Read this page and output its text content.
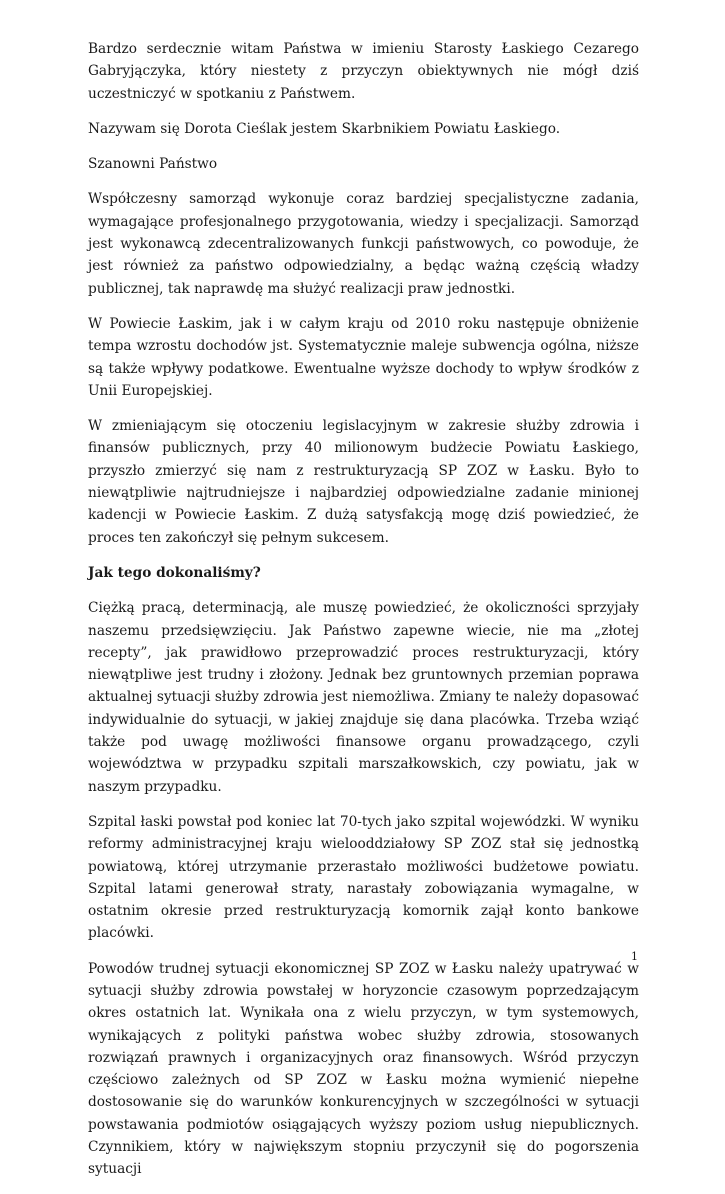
Bardzo serdecznie witam Państwa w imieniu Starosty Łaskiego Cezarego Gabryjączyka, który niestety z przyczyn obiektywnych nie mógł dziś uczestniczyć w spotkaniu z Państwem.

Nazywam się Dorota Cieślak jestem Skarbnikiem Powiatu Łaskiego.

Szanowni Państwo

Współczesny samorząd wykonuje coraz bardziej specjalistyczne zadania, wymagające profesjonalnego przygotowania, wiedzy i specjalizacji. Samorząd jest wykonawcą zdecentralizowanych funkcji państwowych, co powoduje, że jest również za państwo odpowiedzialny, a będąc ważną częścią władzy publicznej, tak naprawdę ma służyć realizacji praw jednostki.

W Powiecie Łaskim, jak i w całym kraju od 2010 roku następuje obniżenie tempa wzrostu dochodów jst. Systematycznie maleje subwencja ogólna, niższe są także wpływy podatkowe. Ewentualne wyższe dochody to wpływ środków z Unii Europejskiej.

W zmieniającym się otoczeniu legislacyjnym w zakresie służby zdrowia i finansów publicznych, przy 40 milionowym budżecie Powiatu Łaskiego, przyszło zmierzyć się nam z restrukturyzacją SP ZOZ w Łasku. Było to niewątpliwie najtrudniejsze i najbardziej odpowiedzialne zadanie minionej kadencji w Powiecie Łaskim. Z dużą satysfakcją mogę dziś powiedzieć, że proces ten zakończył się pełnym sukcesem.

Jak tego dokonaliśmy?

Ciężką pracą, determinacją, ale muszę powiedzieć, że okoliczności sprzyjały naszemu przedsięwzięciu. Jak Państwo zapewne wiecie, nie ma „złotej recepty”, jak prawidłowo przeprowadzić proces restrukturyzacji, który niewątpliwe jest trudny i złożony. Jednak bez gruntownych przemian poprawa aktualnej sytuacji służby zdrowia jest niemożliwa. Zmiany te należy dopasować indywidualnie do sytuacji, w jakiej znajduje się dana placówka. Trzeba wziąć także pod uwagę możliwości finansowe organu prowadzącego, czyli województwa w przypadku szpitali marszałkowskich, czy powiatu, jak w naszym przypadku.

Szpital łaski powstał pod koniec lat 70-tych jako szpital wojewódzki. W wyniku reformy administracyjnej kraju wielooddziałowy SP ZOZ stał się jednostką powiatową, której utrzymanie przerastało możliwości budżetowe powiatu. Szpital latami generował straty, narastały zobowiązania wymagalne, w ostatnim okresie przed restrukturyzacją komornik zajął konto bankowe placówki.

Powodów trudnej sytuacji ekonomicznej SP ZOZ w Łasku należy upatrywać w sytuacji służby zdrowia powstałej w horyzoncie czasowym poprzedzającym okres ostatnich lat. Wynikała ona z wielu przyczyn, w tym systemowych, wynikających z polityki państwa wobec służby zdrowia, stosowanych rozwiązań prawnych i organizacyjnych oraz finansowych. Wśród przyczyn częściowo zależnych od SP ZOZ w Łasku można wymienić niepełne dostosowanie się do warunków konkurencyjnych w szczególności w sytuacji powstawania podmiotów osiągających wyższy poziom usług niepublicznych. Czynnikiem, który w największym stopniu przyczynił się do pogorszenia sytuacji

1
